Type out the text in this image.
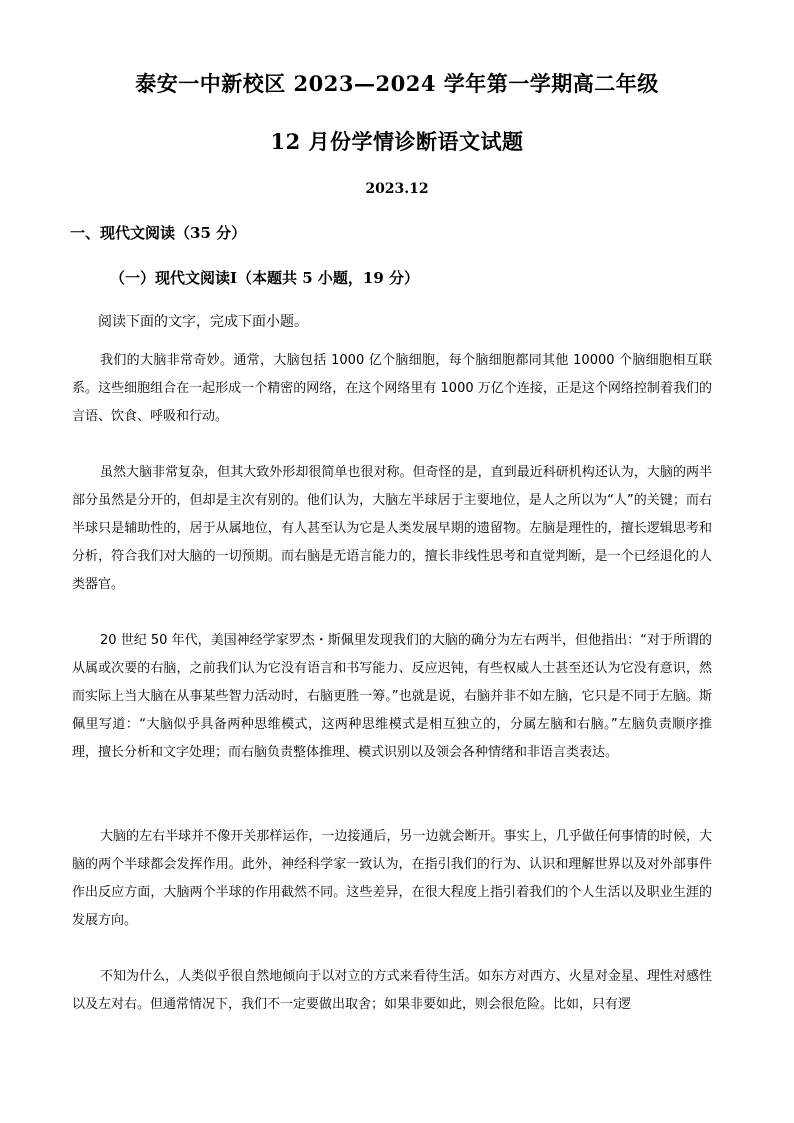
泰安一中新校区 2023—2024 学年第一学期高二年级
12 月份学情诊断语文试题
2023.12
一、现代文阅读（35 分）
（一）现代文阅读Ⅰ（本题共 5 小题，19 分）
阅读下面的文字，完成下面小题。

我们的大脑非常奇妙。通常，大脑包括 1000 亿个脑细胞，每个脑细胞都同其他 10000 个脑细胞相互联系。这些细胞组合在一起形成一个精密的网络，在这个网络里有 1000 万亿个连接，正是这个网络控制着我们的言语、饮食、呼吸和行动。

虽然大脑非常复杂，但其大致外形却很简单也很对称。但奇怪的是，直到最近科研机构还认为，大脑的两半部分虽然是分开的，但却是主次有别的。他们认为，大脑左半球居于主要地位，是人之所以为“人”的关键；而右半球只是辅助性的，居于从属地位，有人甚至认为它是人类发展早期的遗留物。左脑是理性的，擅长逻辑思考和分析，符合我们对大脑的一切预期。而右脑是无语言能力的，擅长非线性思考和直觉判断，是一个已经退化的人类器官。

20 世纪 50 年代，美国神经学家罗杰・斯佩里发现我们的大脑的确分为左右两半，但他指出：“对于所谓的从属或次要的右脑，之前我们认为它没有语言和书写能力、反应迟钝，有些权威人士甚至还认为它没有意识，然而实际上当大脑在从事某些智力活动时，右脑更胜一筹。”也就是说，右脑并非不如左脑，它只是不同于左脑。斯佩里写道：“大脑似乎具备两种思维模式，这两种思维模式是相互独立的，分属左脑和右脑。”左脑负责顺序推理，擅长分析和文字处理；而右脑负责整体推理、模式识别以及领会各种情绪和非语言类表达。

大脑的左右半球并不像开关那样运作，一边接通后，另一边就会断开。事实上，几乎做任何事情的时候，大脑的两个半球都会发挥作用。此外，神经科学家一致认为，在指引我们的行为、认识和理解世界以及对外部事件作出反应方面，大脑两个半球的作用截然不同。这些差异，在很大程度上指引着我们的个人生活以及职业生涯的发展方向。

不知为什么，人类似乎很自然地倾向于以对立的方式来看待生活。如东方对西方、火星对金星、理性对感性以及左对右。但通常情况下，我们不一定要做出取舍；如果非要如此，则会很危险。比如，只有逻
